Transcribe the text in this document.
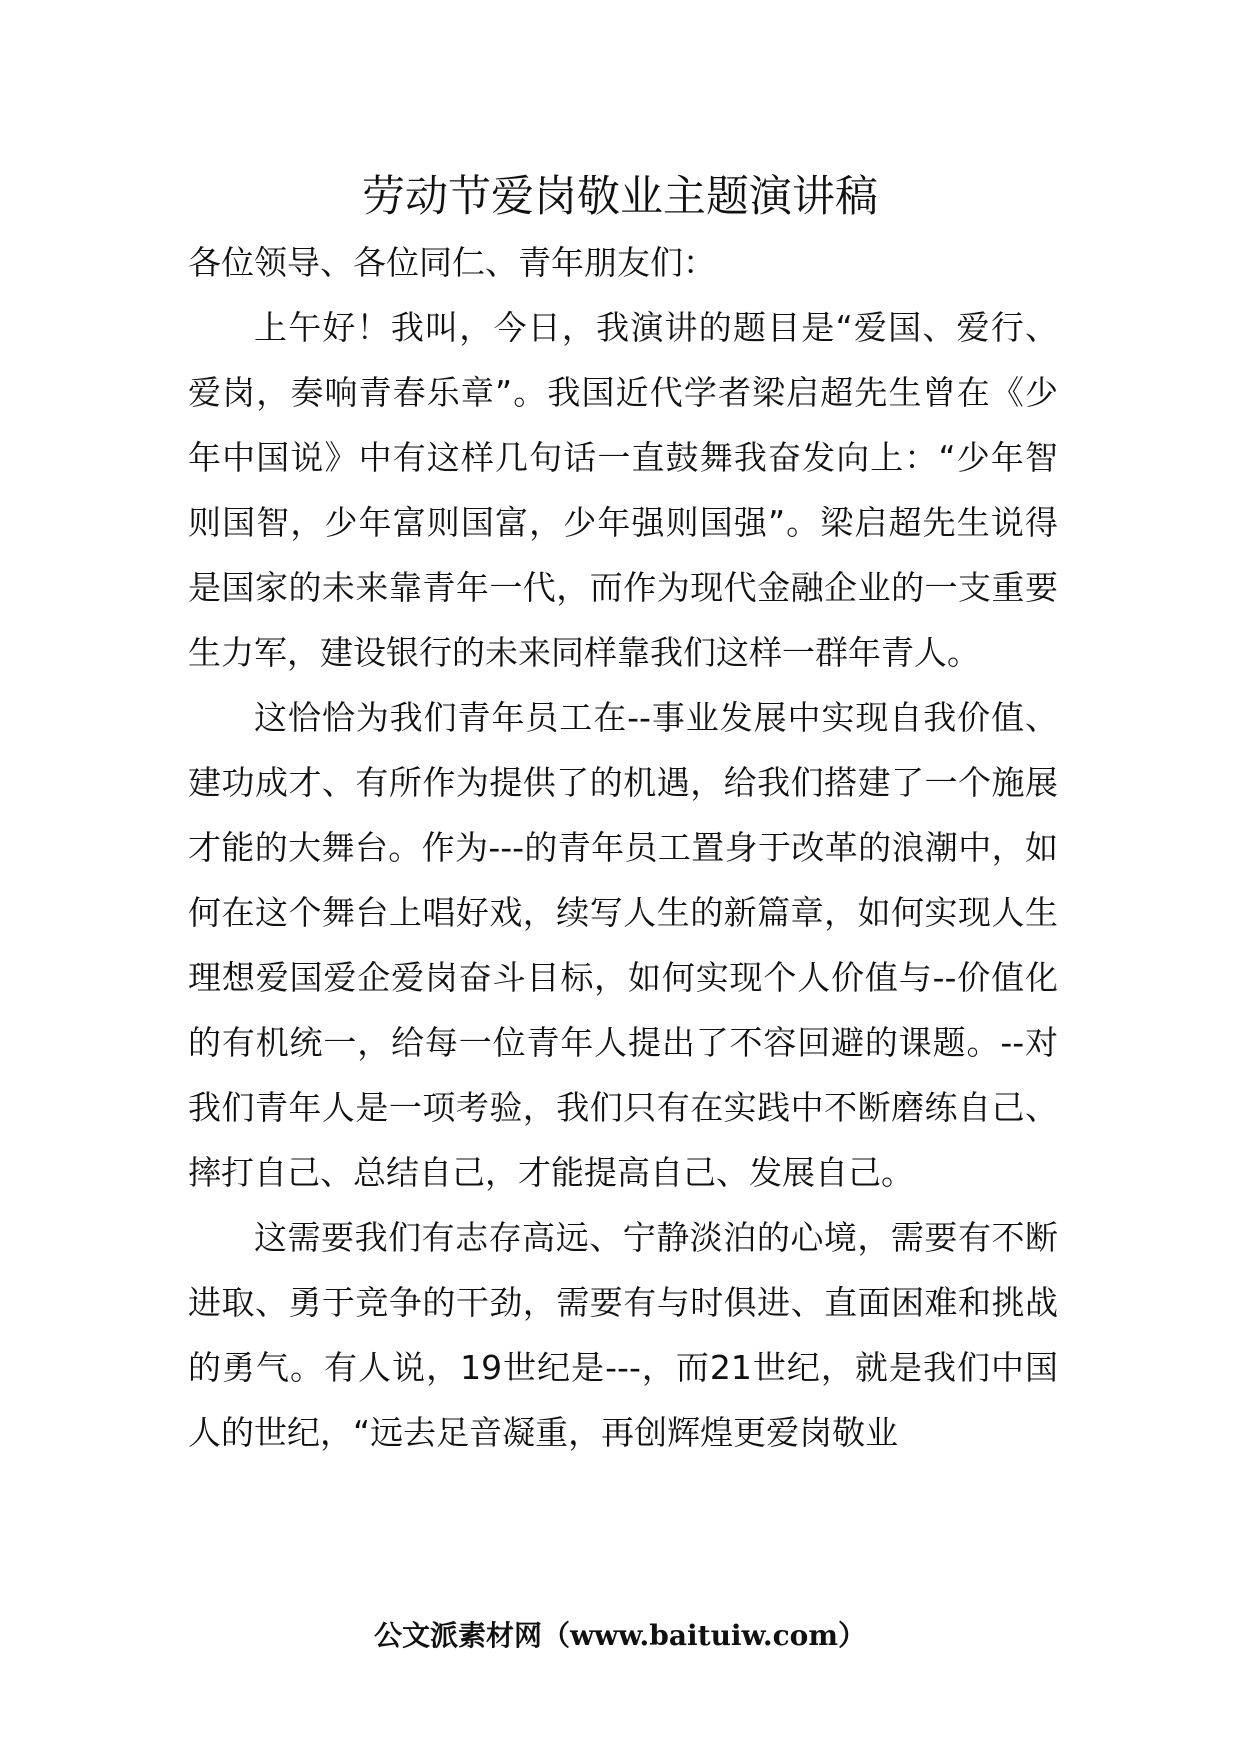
劳动节爱岗敬业主题演讲稿

各位领导、各位同仁、青年朋友们：

上午好！我叫，今日，我演讲的题目是“爱国、爱行、爱岗，奏响青春乐章”。我国近代学者梁启超先生曾在《少年中国说》中有这样几句话一直鼓舞我奋发向上：“少年智则国智，少年富则国富，少年强则国强”。梁启超先生说得是国家的未来靠青年一代，而作为现代金融企业的一支重要生力军，建设银行的未来同样靠我们这样一群年青人。

这恰恰为我们青年员工在--事业发展中实现自我价值、建功成才、有所作为提供了的机遇，给我们搭建了一个施展才能的大舞台。作为---的青年员工置身于改革的浪潮中，如何在这个舞台上唱好戏，续写人生的新篇章，如何实现人生理想爱国爱企爱岗奋斗目标，如何实现个人价值与--价值化的有机统一，给每一位青年人提出了不容回避的课题。--对我们青年人是一项考验，我们只有在实践中不断磨练自己、摔打自己、总结自己，才能提高自己、发展自己。

这需要我们有志存高远、宁静淡泊的心境，需要有不断进取、勇于竞争的干劲，需要有与时俱进、直面困难和挑战的勇气。有人说，19世纪是---，而21世纪，就是我们中国人的世纪，“远去足音凝重，再创辉煌更爱岗敬业

公文派素材网（www.baituiw.com）
